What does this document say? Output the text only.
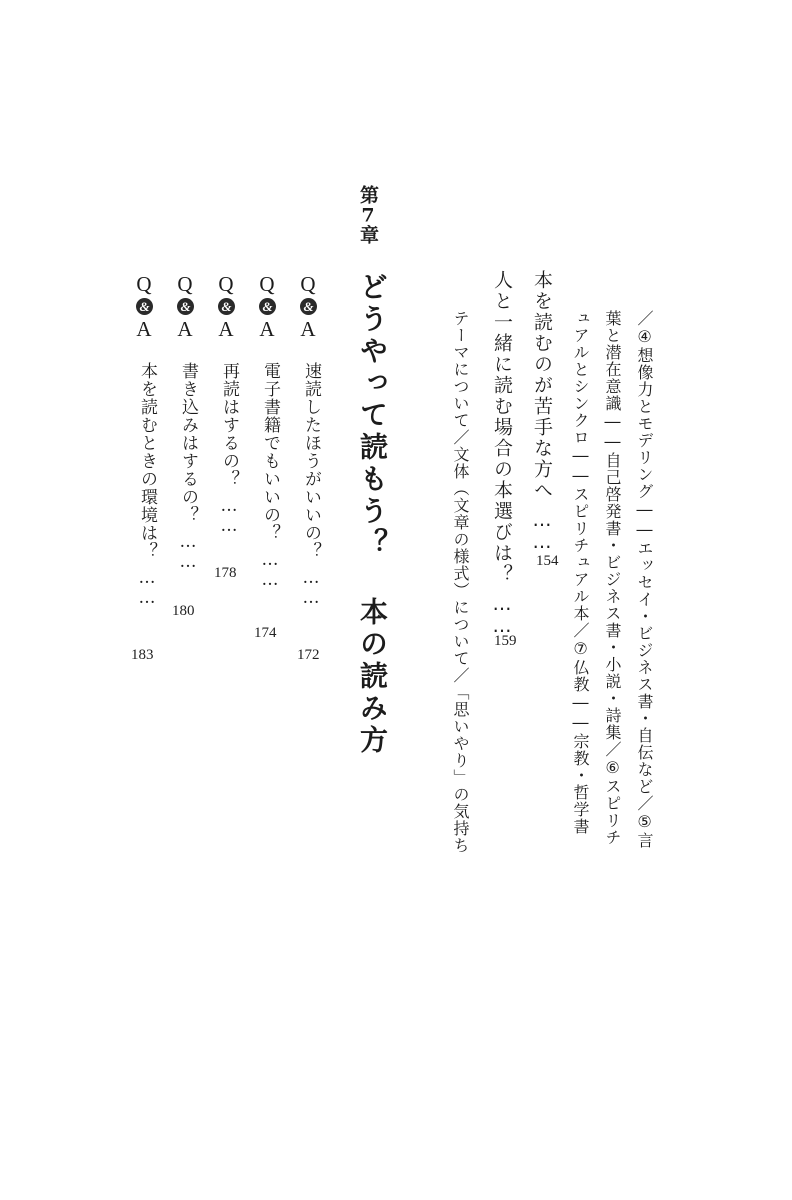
／④想像力とモデリング――エッセイ・ビジネス書・自伝など／⑤言

葉と潜在意識――自己啓発書・ビジネス書・小説・詩集／⑥スピリチ

ュアルとシンクロ――スピリチュアル本／⑦仏教――宗教・哲学書

本を読むのが苦手な方へ……
154
人と一緒に読む場合の本選びは？……
159

テーマについて／文体（文章の様式）について／「思いやり」の気持ち

第7章
どうやって読もう？ 本の読み方
Q&A
速読したほうがいいの？……
172
Q&A
電子書籍でもいいの？……
174
Q&A
再読はするの？……
178
Q&A
書き込みはするの？……
180
Q&A
本を読むときの環境は？……
183
